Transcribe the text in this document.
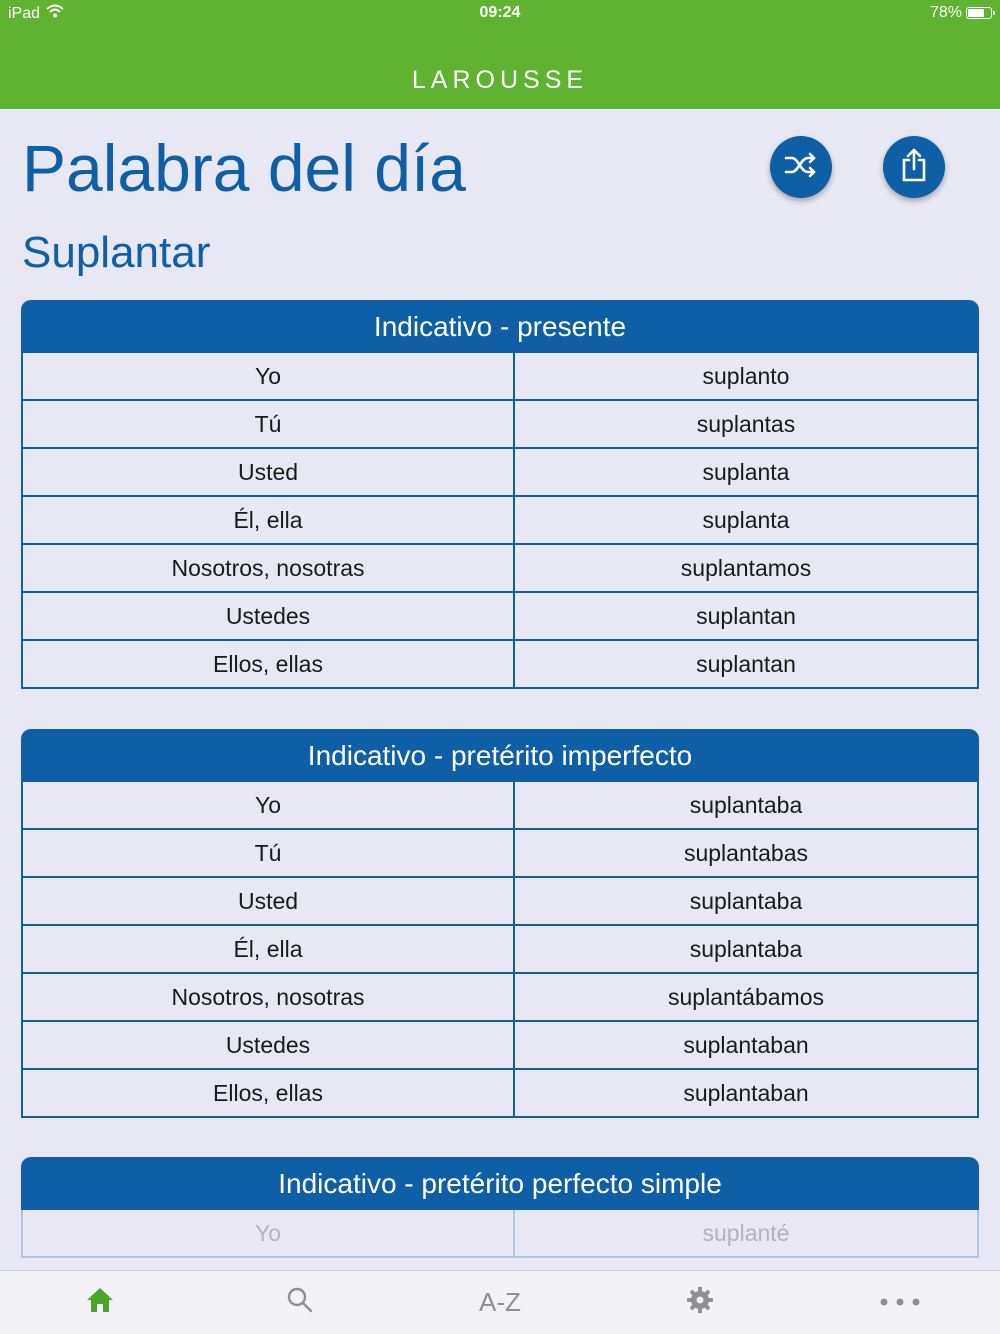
iPad	09:24	78%
LAROUSSE
Palabra del día
Suplantar
Indicativo - presente
Yo	suplanto
Tú	suplantas
Usted	suplanta
Él, ella	suplanta
Nosotros, nosotras	suplantamos
Ustedes	suplantan
Ellos, ellas	suplantan
Indicativo - pretérito imperfecto
Yo	suplantaba
Tú	suplantabas
Usted	suplantaba
Él, ella	suplantaba
Nosotros, nosotras	suplantábamos
Ustedes	suplantaban
Ellos, ellas	suplantaban
Indicativo - pretérito perfecto simple
Yo	suplanté
A-Z
